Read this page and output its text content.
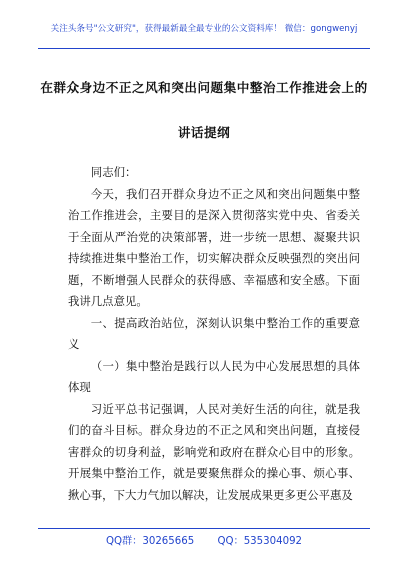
关注头条号"公文研究"，获得最新最全最专业的公文资料库！ 微信：gongwenyj
在群众身边不正之风和突出问题集中整治工作推进会上的
讲话提纲

同志们：

今天，我们召开群众身边不正之风和突出问题集中整治工作推进会，主要目的是深入贯彻落实党中央、省委关于全面从严治党的决策部署，进一步统一思想、凝聚共识持续推进集中整治工作，切实解决群众反映强烈的突出问题，不断增强人民群众的获得感、幸福感和安全感。下面我讲几点意见。

一、提高政治站位，深刻认识集中整治工作的重要意义

（一）集中整治是践行以人民为中心发展思想的具体体现

习近平总书记强调，人民对美好生活的向往，就是我们的奋斗目标。群众身边的不正之风和突出问题，直接侵害群众的切身利益，影响党和政府在群众心目中的形象。开展集中整治工作，就是要聚焦群众的操心事、烦心事、揪心事，下大力气加以解决，让发展成果更多更公平惠及

QQ群：30265665 QQ：535304092
